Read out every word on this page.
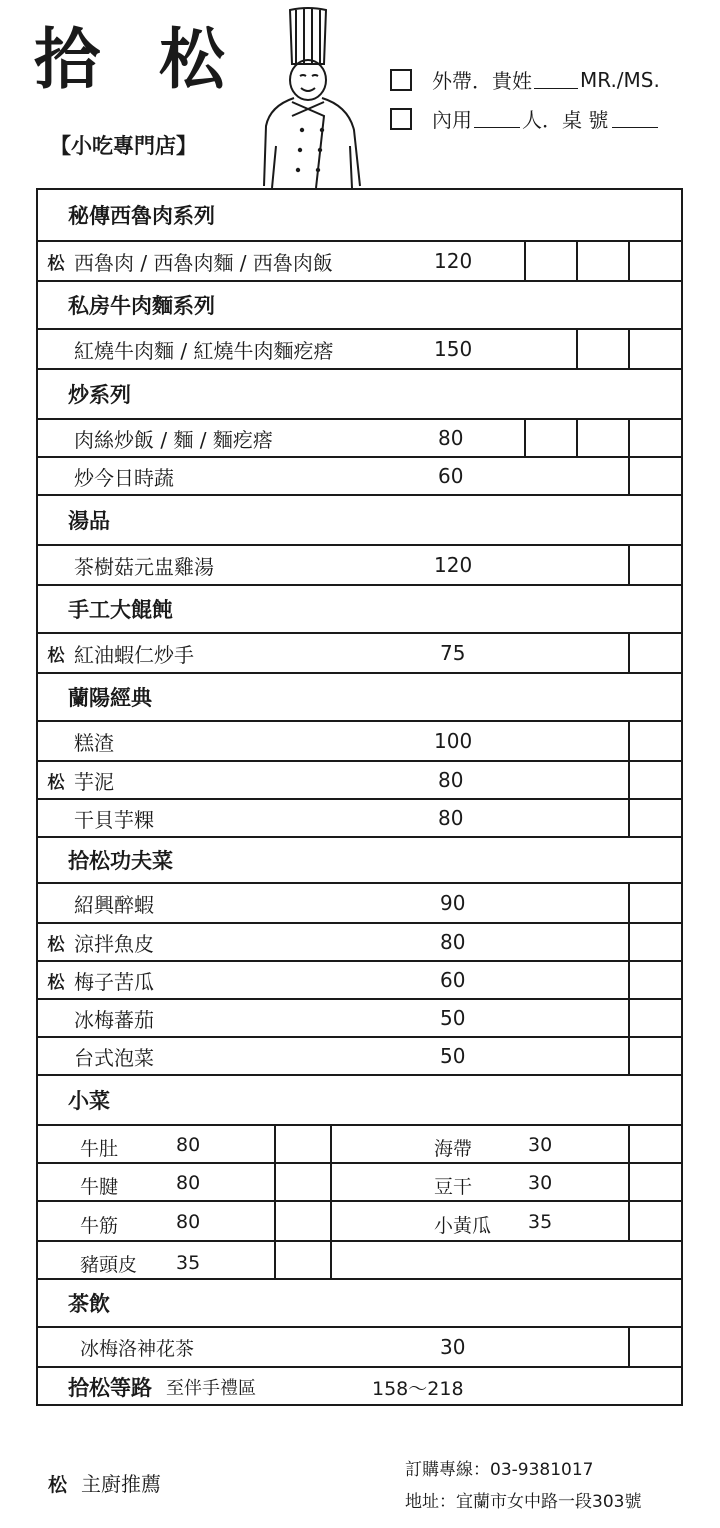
拾 松
【小吃專門店】
外帶．貴姓 MR./MS.
內用	人．桌 號
秘傳西魯肉系列
松 西魯肉 / 西魯肉麵 / 西魯肉飯	120
私房牛肉麵系列
紅燒牛肉麵 / 紅燒牛肉麵疙瘩	150
炒系列
肉絲炒飯 / 麵 / 麵疙瘩	80
炒今日時蔬	60
湯品
茶樹菇元盅雞湯	120
手工大餛飩
松 紅油蝦仁炒手	75
蘭陽經典
糕渣	100
松 芋泥	80
干貝芋粿	80
拾松功夫菜
紹興醉蝦	90
松 涼拌魚皮	80
松 梅子苦瓜	60
冰梅蕃茄	50
台式泡菜	50
小菜
牛肚	80	海帶	30
牛腱	80	豆干	30
牛筋	80	小黃瓜 35
豬頭皮 35
茶飲
冰梅洛神花茶	30
拾松等路 至伴手禮區	158～218
松 主廚推薦
訂購專線：03-9381017
地址：宜蘭市女中路一段303號
